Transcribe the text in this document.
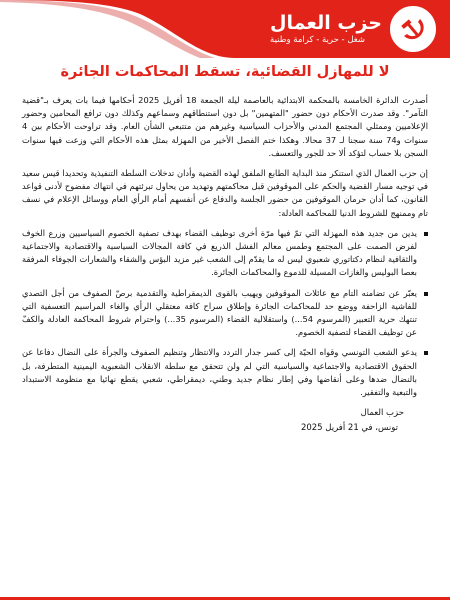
حزب العمال
شغل - حرية - كرامة وطنية
لا للمهازل القضائية، تسقط المحاكمات الجائرة

أصدرت الدائرة الخامسة بالمحكمة الابتدائية بالعاصمة ليلة الجمعة 18 أفريل 2025 أحكامها فيما بات يعرف بـ"قضية التآمر". وقد صدرت الأحكام دون حضور "المتهمين" بل دون استنطاقهم وسماعهم وكذلك دون ترافع المحامين وحضور الإعلاميين وممثلي المجتمع المدني والأحزاب السياسية وغيرهم من متتبعي الشأن العام. وقد تراوحت الأحكام بين 4 سنوات و74 سنة سجنا لـ 37 محالا. وهكذا ختم الفصل الأخير من المهزلة بمثل هذه الأحكام التي وزعت فيها سنوات السجن بلا حساب لتؤكد ألا حد للجور والتعسف.

إن حزب العمال الذي استنكر منذ البداية الطابع الملفق لهذه القضية وأدان تدخلات السلطة التنفيذية وتحديدا قيس سعيد في توجيه مسار القضية والحكم على الموقوفين قبل محاكمتهم وتهديد من يحاول تبرئتهم في انتهاك مفضوح لأدنى قواعد القانون، كما أدان حرمان الموقوفين من حضور الجلسة والدفاع عن أنفسهم أمام الرأي العام ووسائل الإعلام في نسف تام وممنهج للشروط الدنيا للمحاكمة العادلة:

يدين من جديد هذه المهزلة التي تمّ فيها مرّة أخرى توظيف القضاء بهدف تصفية الخصوم السياسيين وزرع الخوف لفرض الصمت على المجتمع وطمس معالم الفشل الذريع في كافة المجالات السياسية والاقتصادية والاجتماعية والثقافية لنظام دكتاتوري شعبوي ليس له ما يقدّم إلى الشعب غير مزيد البؤس والشقاء والشعارات الجوفاء المرفقة بعصا البوليس والغازات المسيلة للدموع والمحاكمات الجائرة.
يعبّر عن تضامنه التام مع عائلات الموقوفين ويهيب بالقوى الديمقراطية والتقدمية برصّ الصفوف من أجل التصدي للفاشية الزاحفة ووضع حد للمحاكمات الجائرة وإطلاق سراح كافة معتقلي الرأي والغاء المراسيم التعسفية التي تنتهك حرية التعبير (المرسوم 54...) واستقلالية القضاء (المرسوم 35...) واحترام شروط المحاكمة العادلة والكفّ عن توظيف القضاء لتصفية الخصوم.
يدعو الشعب التونسي وقواه الحيّة إلى كسر جدار التردد والانتظار وتنظيم الصفوف والجرأة على النضال دفاعا عن الحقوق الاقتصادية والاجتماعية والسياسية التي لم ولن تتحقق مع سلطة الانقلاب الشعبوية اليمينية المتطرفة، بل بالنضال ضدها وعلى أنقاضها وفي إطار نظام جديد وطني، ديمقراطي، شعبي يقطع نهائيا مع منظومة الاستبداد والتبعية والتفقير.
حزب العمال
تونس، في 21 أفريل 2025
